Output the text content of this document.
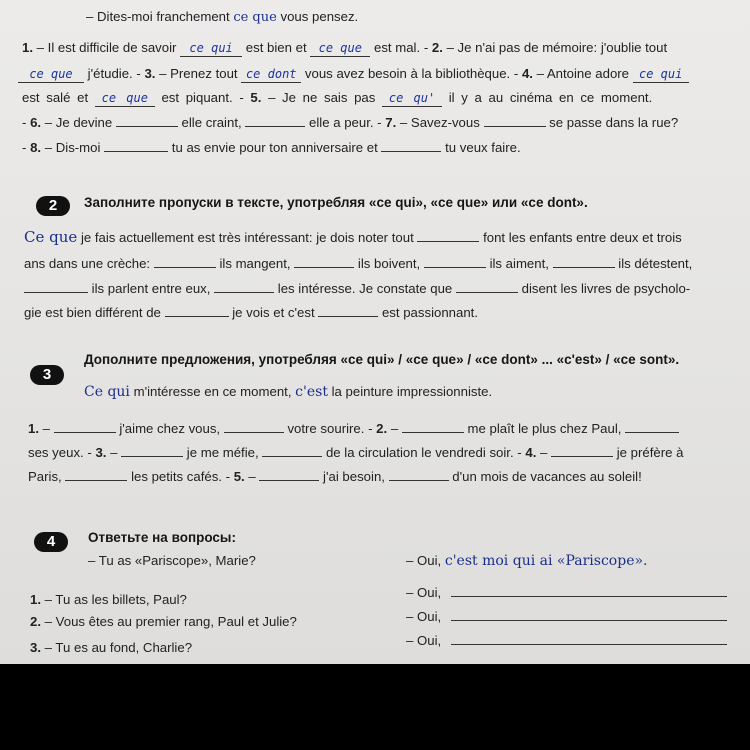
– Dites-moi franchement ce que vous pensez.
1. – Il est difficile de savoir ce qui est bien et ce que est mal. - 2. – Je n'ai pas de mémoire: j'oublie tout
ce que j'étudie. - 3. – Prenez tout ce dont vous avez besoin à la bibliothèque. - 4. – Antoine adore ce qui
est salé et ce que est piquant. - 5. – Je ne sais pas ce qu' il y a au cinéma en ce moment.
- 6. – Je devine	elle craint,	elle a peur. - 7. – Savez-vous	se passe dans la rue?
- 8. – Dis-moi	tu as envie pour ton anniversaire et	tu veux faire.
2	Заполните пропуски в тексте, употребляя «ce qui», «ce que» или «ce dont».
Ce que je fais actuellement est très intéressant: je dois noter tout	font les enfants entre deux et trois
ans dans une crèche:	ils mangent,	ils boivent,	ils aiment,	ils détestent,
ils parlent entre eux,	les intéresse. Je constate que	disent les livres de psycholo-
gie est bien différent de	je vois et c'est	est passionnant.
3
Дополните предложения, употребляя «ce qui» / «ce que» / «ce dont» ... «c'est» / «ce sont».
Ce qui m'intéresse en ce moment, c'est la peinture impressionniste.
1. –	j'aime chez vous,	votre sourire. - 2. –	me plaît le plus chez Paul,
ses yeux. - 3. –	je me méfie,	de la circulation le vendredi soir. - 4. –	je préfère à
Paris,	les petits cafés. - 5. –	j'ai besoin,	d'un mois de vacances au soleil!
4	Ответьте на вопросы:
– Tu as «Pariscope», Marie?	– Oui, c'est moi qui ai «Pariscope».
1. – Tu as les billets, Paul?	– Oui,
2. – Vous êtes au premier rang, Paul et Julie?	– Oui,
3. – Tu es au fond, Charlie?	– Oui,
